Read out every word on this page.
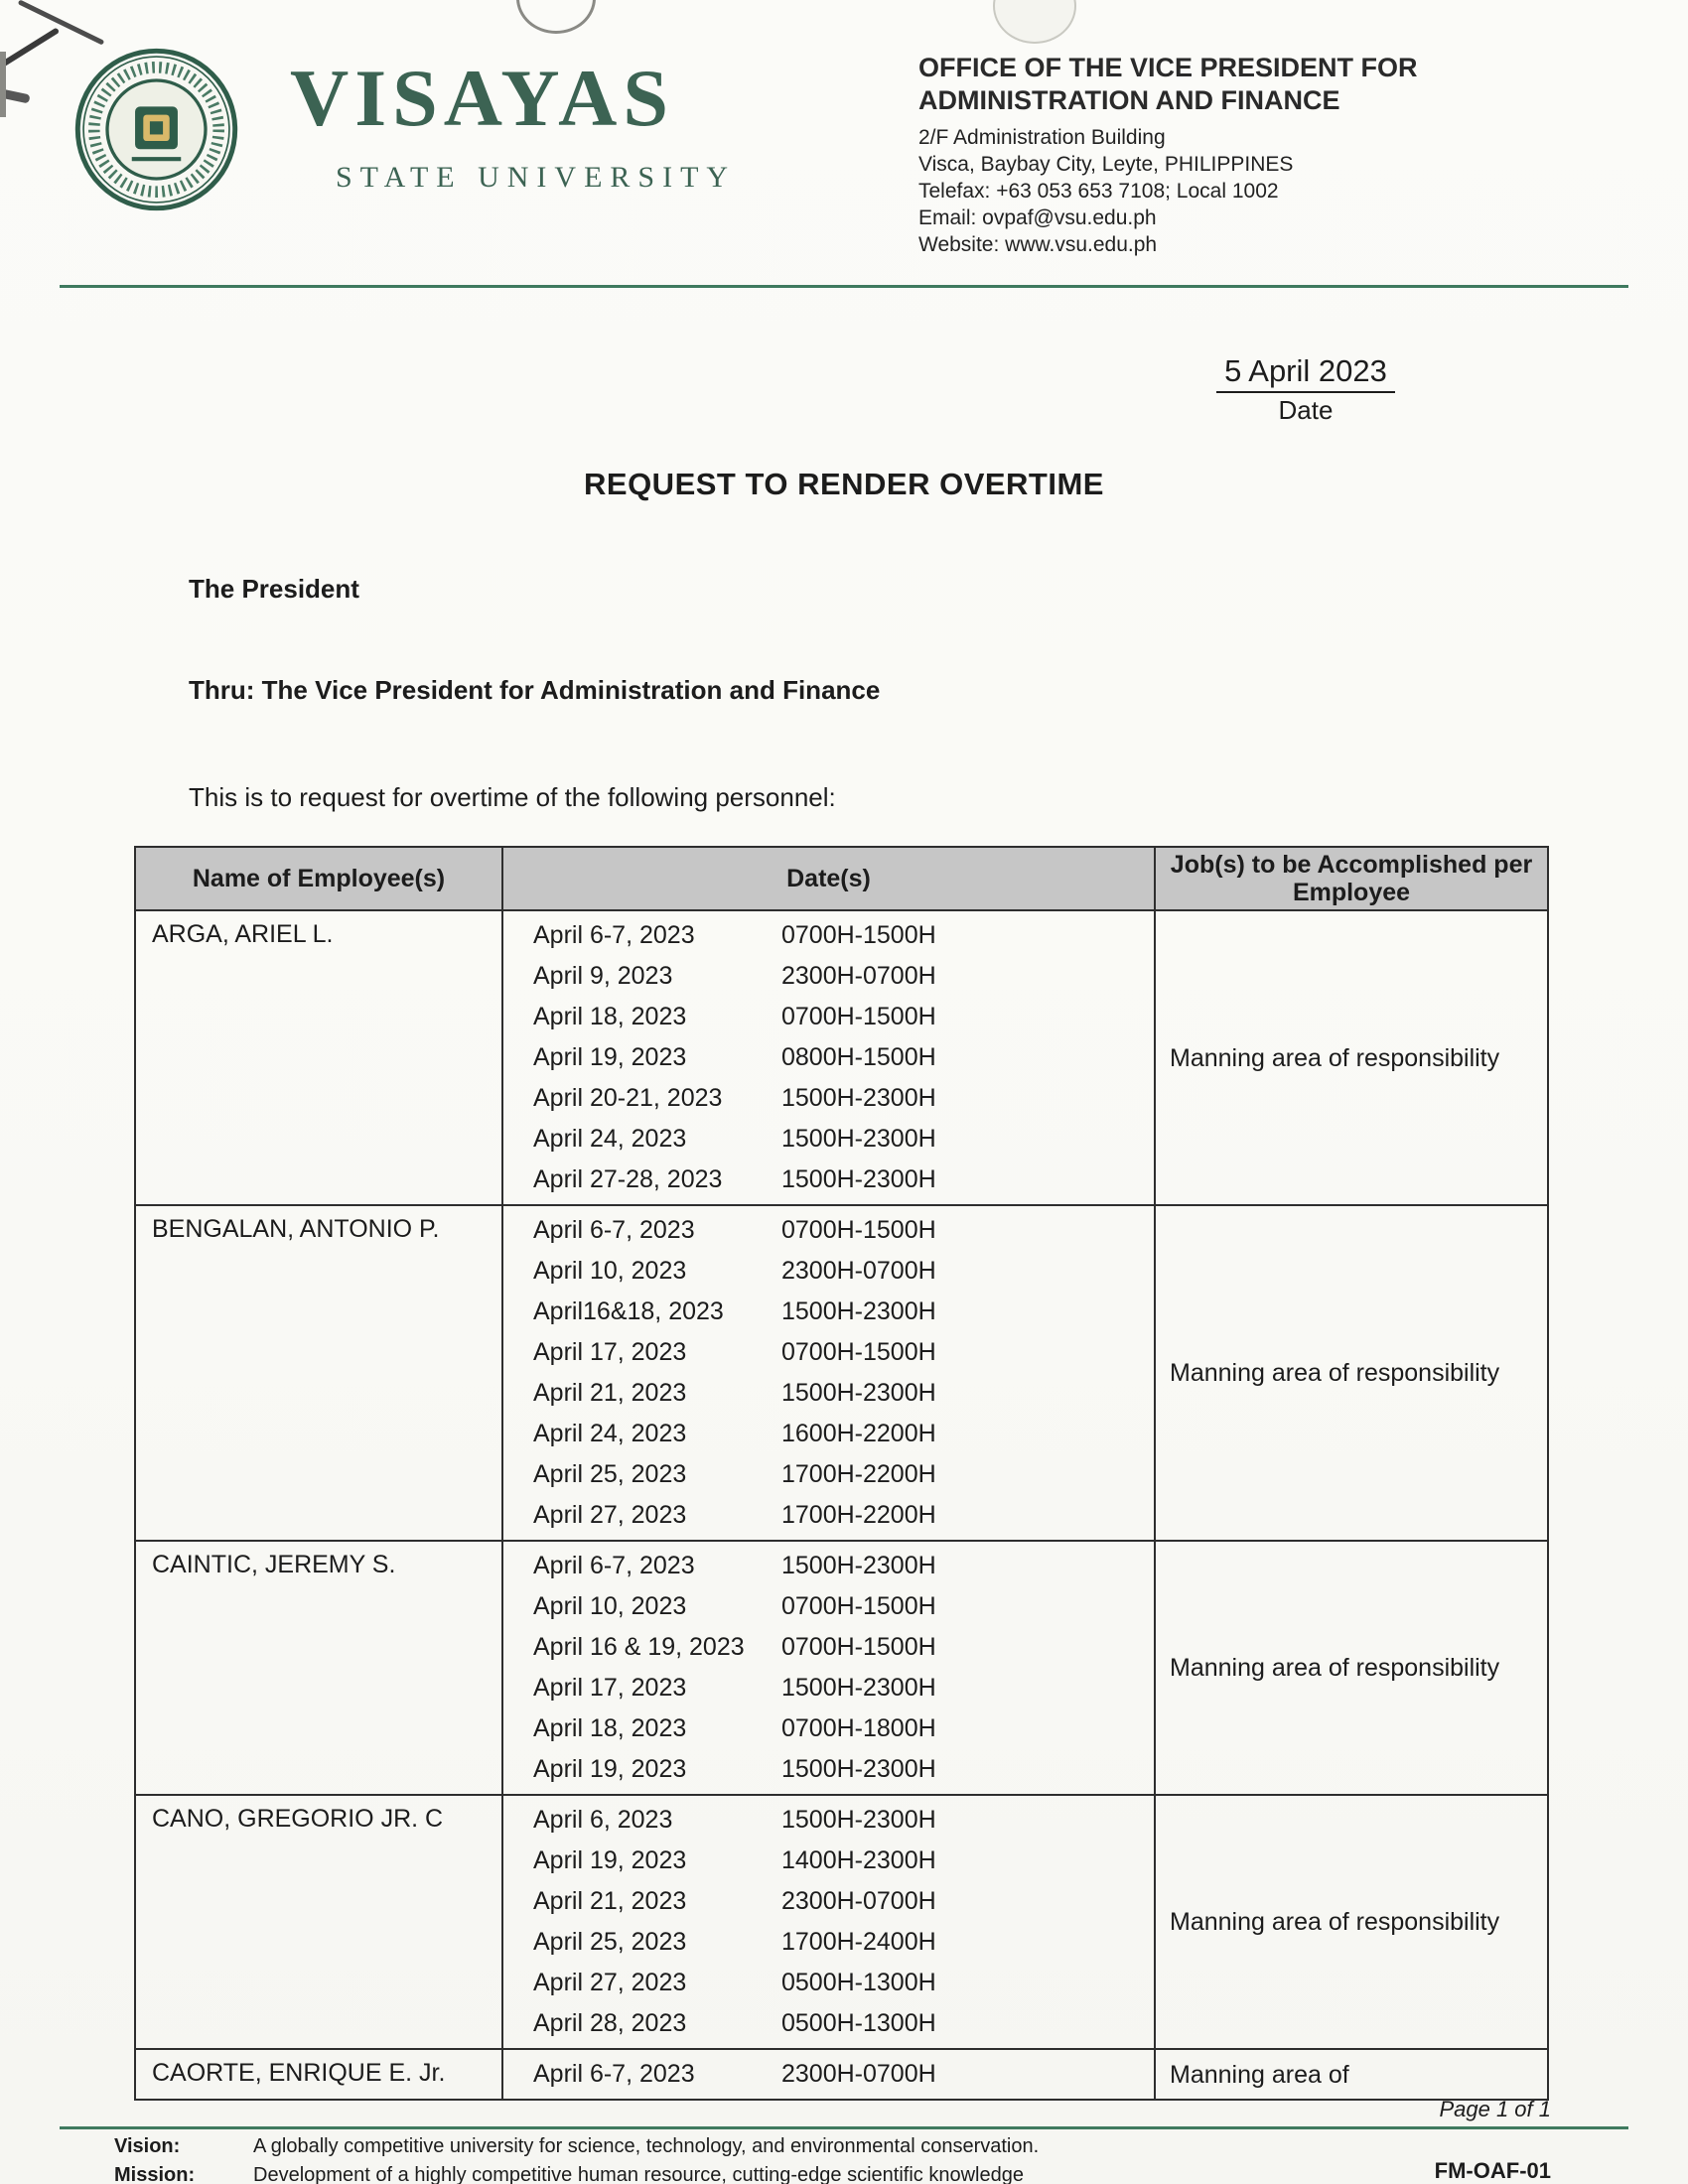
VISAYAS
STATE UNIVERSITY
OFFICE OF THE VICE PRESIDENT FOR
ADMINISTRATION AND FINANCE
2/F Administration Building
Visca, Baybay City, Leyte, PHILIPPINES
Telefax: +63 053 653 7108; Local 1002
Email: ovpaf@vsu.edu.ph
Website: www.vsu.edu.ph
5 April 2023
Date
REQUEST TO RENDER OVERTIME
The President
Thru: The Vice President for Administration and Finance
This is to request for overtime of the following personnel:
Name of Employee(s)	Date(s)	Job(s) to be Accomplished per Employee
ARGA, ARIEL L.	April 6-7, 2023	0700H-1500H
April 9, 2023	2300H-0700H
April 18, 2023	0700H-1500H
April 19, 2023	0800H-1500H
April 20-21, 2023	1500H-2300H
April 24, 2023	1500H-2300H
April 27-28, 2023	1500H-2300H
	Manning area of responsibility
BENGALAN, ANTONIO P.	April 6-7, 2023	0700H-1500H
April 10, 2023	2300H-0700H
April16&18, 2023	1500H-2300H
April 17, 2023	0700H-1500H
April 21, 2023	1500H-2300H
April 24, 2023	1600H-2200H
April 25, 2023	1700H-2200H
April 27, 2023	1700H-2200H
	Manning area of responsibility
CAINTIC, JEREMY S.	April 6-7, 2023	1500H-2300H
April 10, 2023	0700H-1500H
April 16 & 19, 2023	0700H-1500H
April 17, 2023	1500H-2300H
April 18, 2023	0700H-1800H
April 19, 2023	1500H-2300H
	Manning area of responsibility
CANO, GREGORIO JR. C	April 6, 2023	1500H-2300H
April 19, 2023	1400H-2300H
April 21, 2023	2300H-0700H
April 25, 2023	1700H-2400H
April 27, 2023	0500H-1300H
April 28, 2023	0500H-1300H
	Manning area of responsibility
CAORTE, ENRIQUE E. Jr.	April 6-7, 2023 2300H-0700H	Manning area of
Page 1 of 1
Vision:	A globally competitive university for science, technology, and environmental conservation.
Mission:	Development of a highly competitive human resource, cutting-edge scientific knowledge	FM-OAF-01
